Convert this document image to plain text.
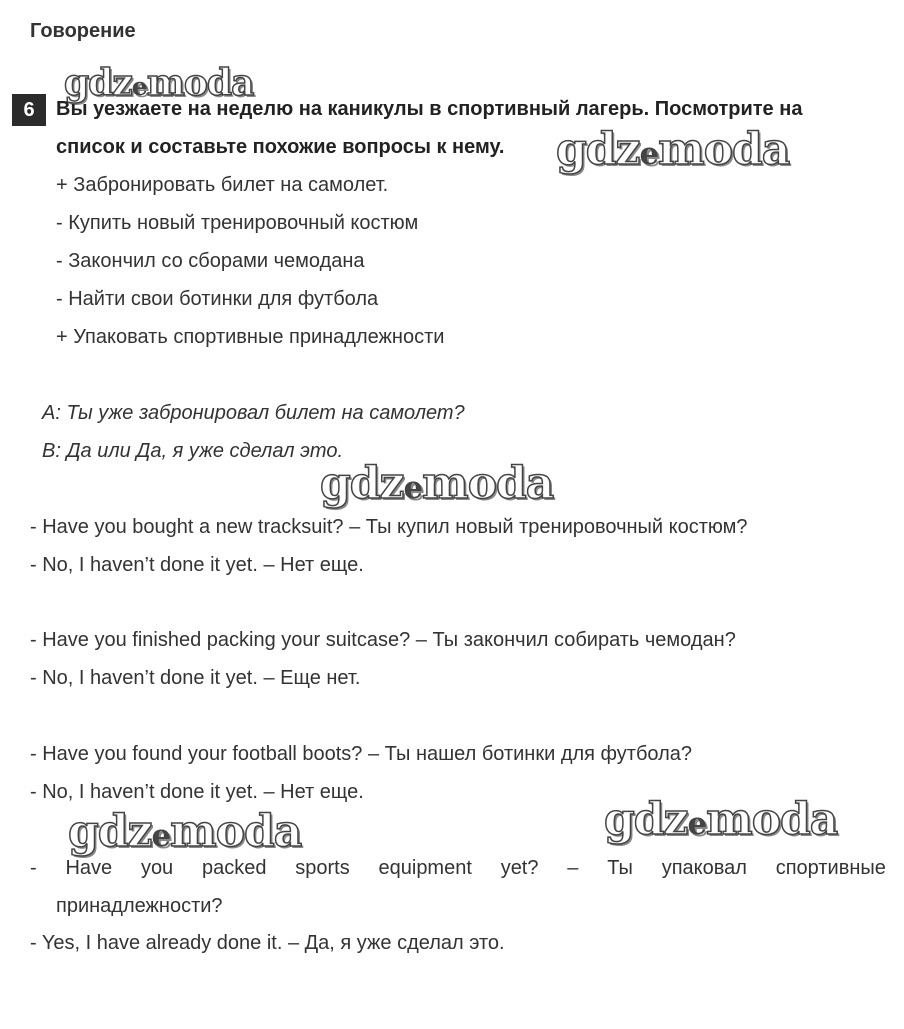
Говорение
gdzemoda
gdzemoda
gdzemoda
gdzemoda	gdzemoda
6	Вы уезжаете на неделю на каникулы в спортивный лагерь. Посмотрите на
список и составьте похожие вопросы к нему.
+ Забронировать билет на самолет.
- Купить новый тренировочный костюм
- Закончил со сборами чемодана
- Найти свои ботинки для футбола
+ Упаковать спортивные принадлежности
A: Ты уже забронировал билет на самолет?
B: Да или Да, я уже сделал это.
- Have you bought a new tracksuit? – Ты купил новый тренировочный костюм?
- No, I haven’t done it yet. – Нет еще.
- Have you finished packing your suitcase? – Ты закончил собирать чемодан?
- No, I haven’t done it yet. – Еще нет.
- Have you found your football boots? – Ты нашел ботинки для футбола?
- No, I haven’t done it yet. – Нет еще.
- Have you packed sports equipment yet? – Ты упаковал спортивные
принадлежности?
- Yes, I have already done it. – Да, я уже сделал это.
